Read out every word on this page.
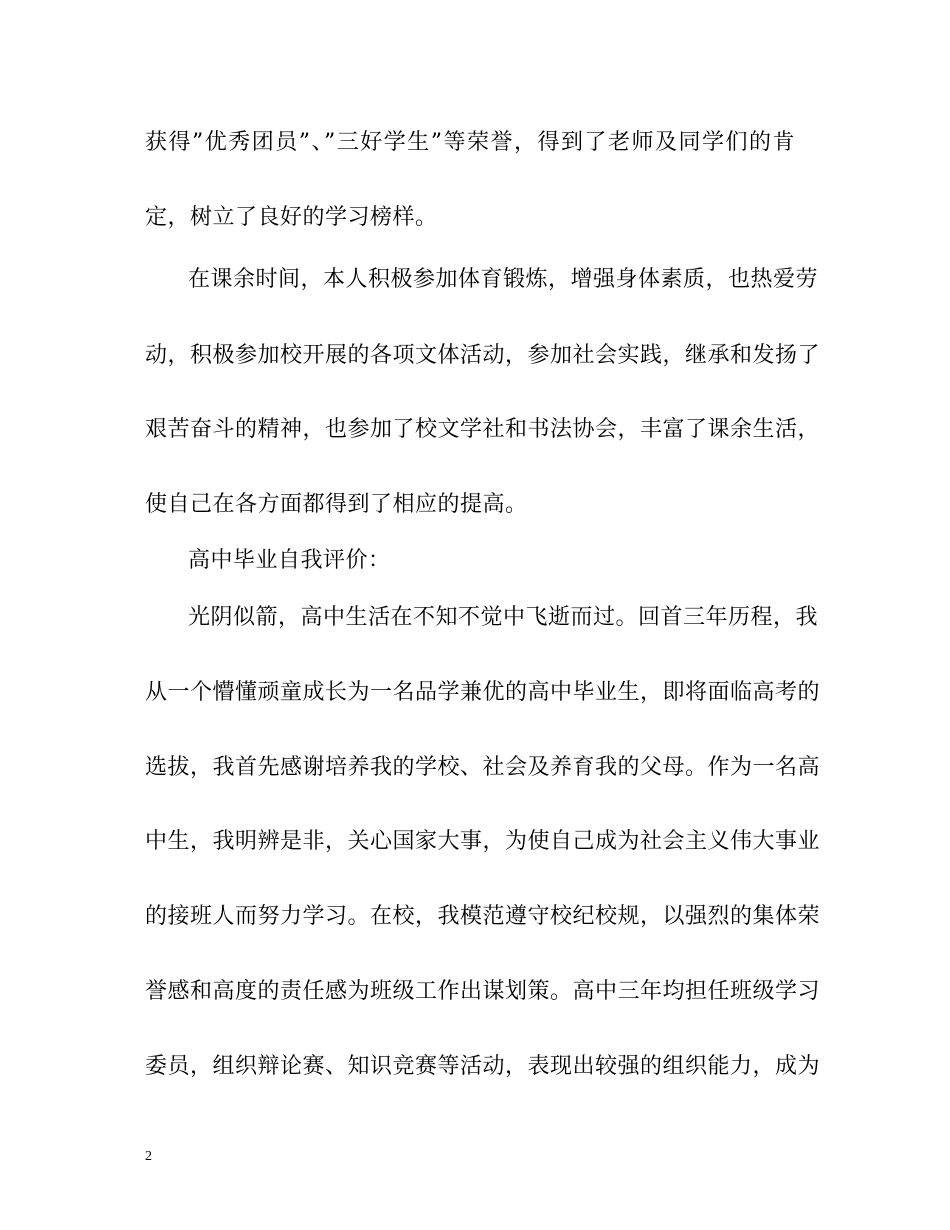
获得”优秀团员”、”三好学生”等荣誉，得到了老师及同学们的肯
定，树立了良好的学习榜样。
在课余时间，本人积极参加体育锻炼，增强身体素质，也热爱劳
动，积极参加校开展的各项文体活动，参加社会实践，继承和发扬了
艰苦奋斗的精神，也参加了校文学社和书法协会，丰富了课余生活，
使自己在各方面都得到了相应的提高。
高中毕业自我评价：
光阴似箭，高中生活在不知不觉中飞逝而过。回首三年历程，我
从一个懵懂顽童成长为一名品学兼优的高中毕业生，即将面临高考的
选拔，我首先感谢培养我的学校、社会及养育我的父母。作为一名高
中生，我明辨是非，关心国家大事，为使自己成为社会主义伟大事业
的接班人而努力学习。在校，我模范遵守校纪校规，以强烈的集体荣
誉感和高度的责任感为班级工作出谋划策。高中三年均担任班级学习
委员，组织辩论赛、知识竞赛等活动，表现出较强的组织能力，成为
2
